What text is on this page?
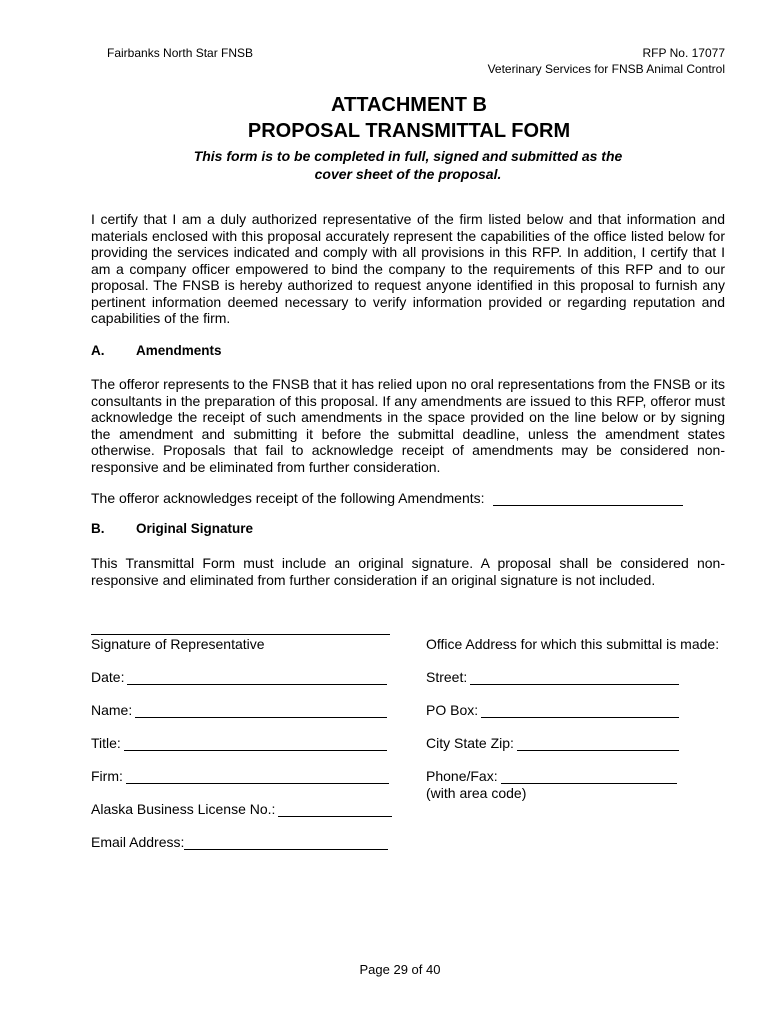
Fairbanks North Star FNSB	RFP No. 17077
Veterinary Services for FNSB Animal Control
ATTACHMENT B
PROPOSAL TRANSMITTAL FORM
This form is to be completed in full, signed and submitted as the
cover sheet of the proposal.
I certify that I am a duly authorized representative of the firm listed below and that information and materials enclosed with this proposal accurately represent the capabilities of the office listed below for providing the services indicated and comply with all provisions in this RFP. In addition, I certify that I am a company officer empowered to bind the company to the requirements of this RFP and to our proposal. The FNSB is hereby authorized to request anyone identified in this proposal to furnish any pertinent information deemed necessary to verify information provided or regarding reputation and capabilities of the firm.
A. Amendments
The offeror represents to the FNSB that it has relied upon no oral representations from the FNSB or its consultants in the preparation of this proposal. If any amendments are issued to this RFP, offeror must acknowledge the receipt of such amendments in the space provided on the line below or by signing the amendment and submitting it before the submittal deadline, unless the amendment states otherwise. Proposals that fail to acknowledge receipt of amendments may be considered non-responsive and be eliminated from further consideration.
The offeror acknowledges receipt of the following Amendments:
B. Original Signature
This Transmittal Form must include an original signature. A proposal shall be considered non-responsive and eliminated from further consideration if an original signature is not included.
Signature of Representative
Date:
Name:
Title:
Firm:
Alaska Business License No.:
Email Address:
Office Address for which this submittal is made:
Street:
PO Box:
City State Zip:
Phone/Fax:
(with area code)
Page 29 of 40
